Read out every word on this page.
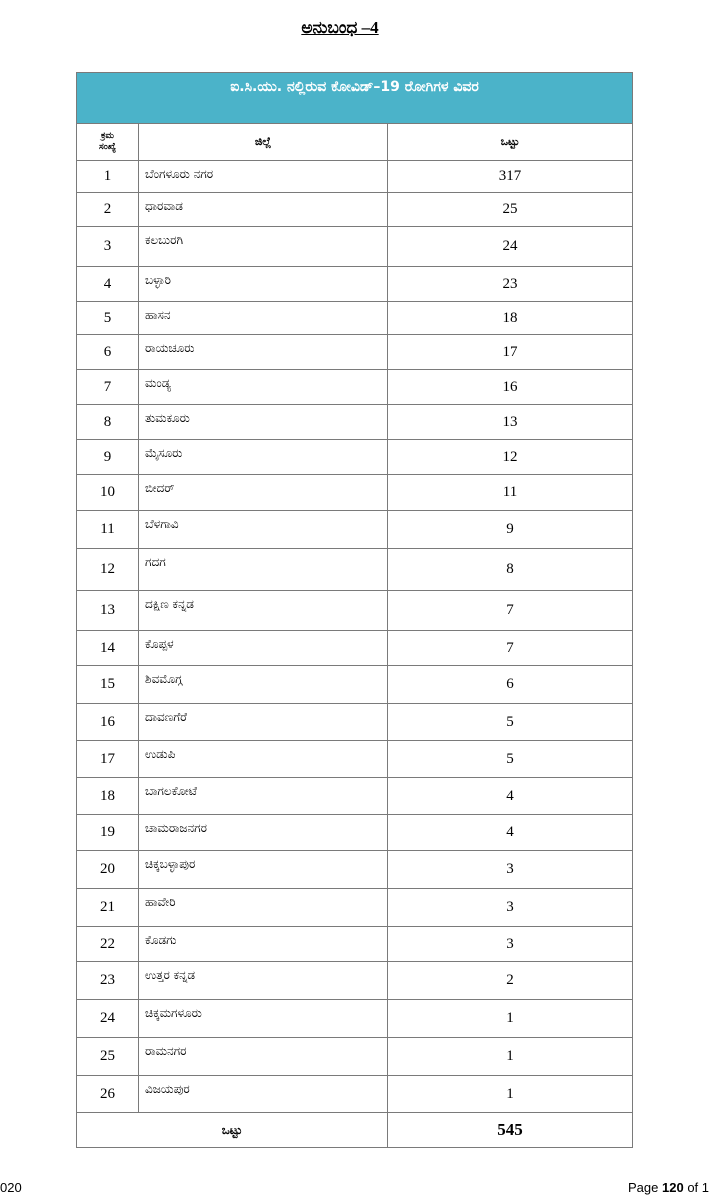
ಅನುಬಂಧ –4
ಐ.ಸಿ.ಯು. ನಲ್ಲಿರುವ ಕೋವಿಡ್–19 ರೋಗಿಗಳ ವಿವರ		

ಕ್ರಮ
ಸಂಖ್ಯೆ	ಜಿಲ್ಲೆ	ಒಟ್ಟು
1	ಬೆಂಗಳೂರು ನಗರ	317
2	ಧಾರವಾಡ	25
3	ಕಲಬುರಗಿ	24
4	ಬಳ್ಳಾರಿ	23
5	ಹಾಸನ	18
6	ರಾಯಚೂರು	17
7	ಮಂಡ್ಯ	16
8	ತುಮಕೂರು	13
9	ಮೈಸೂರು	12
10	ಬೀದರ್	11
11	ಬೆಳಗಾವಿ	9
12	ಗದಗ	8
13	ದಕ್ಷಿಣ ಕನ್ನಡ	7
14	ಕೊಪ್ಪಳ	7
15	ಶಿವಮೊಗ್ಗ	6
16	ದಾವಣಗೆರೆ	5
17	ಉಡುಪಿ	5
18	ಬಾಗಲಕೋಟೆ	4
19	ಚಾಮರಾಜನಗರ	4
20	ಚಿಕ್ಕಬಳ್ಳಾಪುರ	3
21	ಹಾವೇರಿ	3
22	ಕೊಡಗು	3
23	ಉತ್ತರ ಕನ್ನಡ	2
24	ಚಿಕ್ಕಮಗಳೂರು	1
25	ರಾಮನಗರ	1
26	ವಿಜಯಪುರ	1
ಒಟ್ಟು		545
020	Page 120 of 1
